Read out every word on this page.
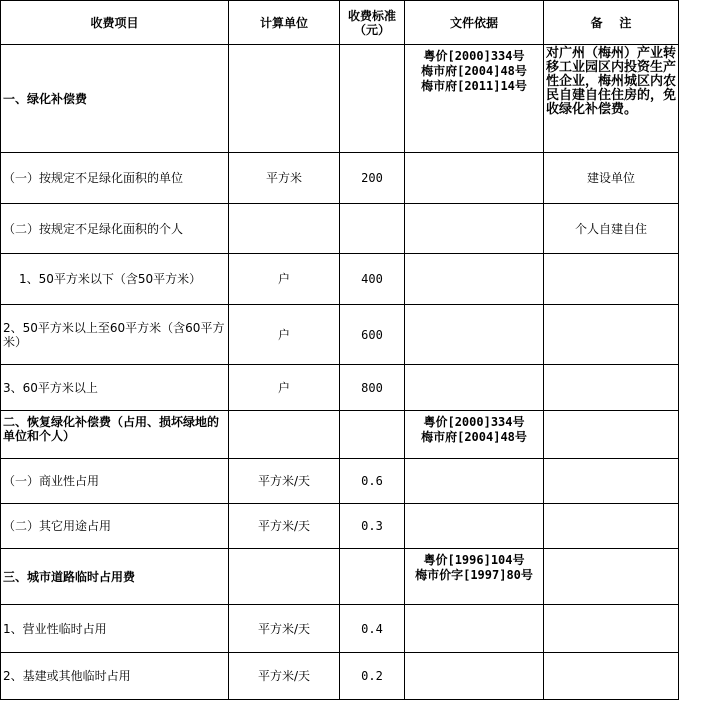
收费项目	计算单位	收费标准（元）	文件依据	备    注
一、绿化补偿费			粤价[2000]334号
梅市府[2004]48号
梅市府[2011]14号	对广州（梅州）产业转移工业园区内投资生产性企业，梅州城区内农民自建自住住房的，免收绿化补偿费。
（一）按规定不足绿化面积的单位	平方米	200		建设单位
（二）按规定不足绿化面积的个人				个人自建自住
1、50平方米以下（含50平方米）	户	400		
2、50平方米以上至60平方米（含60平方米）	户	600		
3、60平方米以上	户	800		
二、恢复绿化补偿费（占用、损坏绿地的单位和个人）			粤价[2000]334号
梅市府[2004]48号	

（一）商业性占用	平方米/天	0.6		
（二）其它用途占用	平方米/天	0.3		
三、城市道路临时占用费			粤价[1996]104号
梅市价字[1997]80号	

1、营业性临时占用	平方米/天	0.4		
2、基建或其他临时占用	平方米/天	0.2		
